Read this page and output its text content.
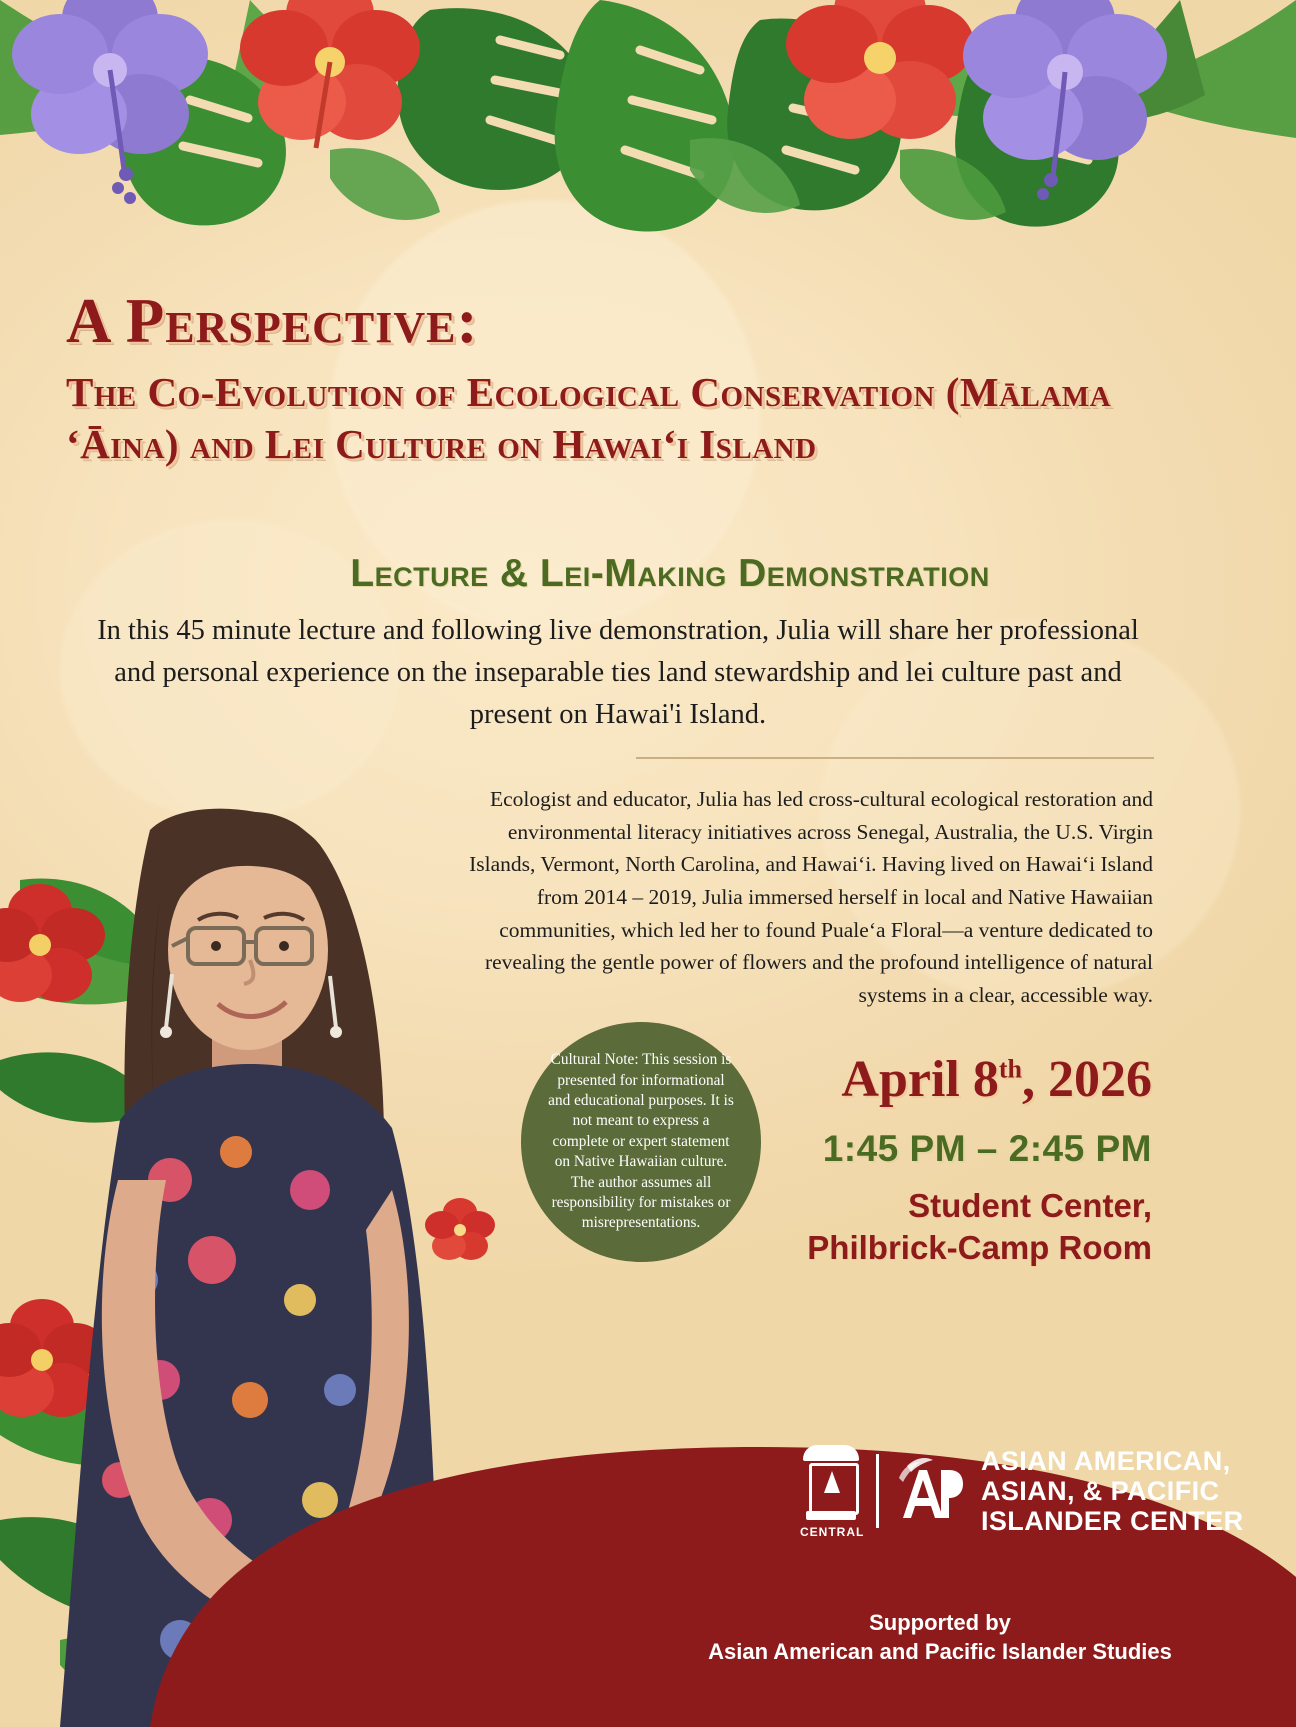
A Perspective:
The Co-Evolution of Ecological Conservation (Mālama ʻĀina) and Lei Culture on Hawaiʻi Island
Lecture & Lei-Making Demonstration
In this 45 minute lecture and following live demonstration, Julia will share her professional and personal experience on the inseparable ties land stewardship and lei culture past and present on Hawai'i Island.
Ecologist and educator, Julia has led cross-cultural ecological restoration and environmental literacy initiatives across Senegal, Australia, the U.S. Virgin Islands, Vermont, North Carolina, and Hawaiʻi. Having lived on Hawaiʻi Island from 2014 – 2019, Julia immersed herself in local and Native Hawaiian communities, which led her to found Pualeʻa Floral—a venture dedicated to revealing the gentle power of flowers and the profound intelligence of natural systems in a clear, accessible way.
April 8th, 2026
1:45 PM – 2:45 PM
Student Center,
Philbrick-Camp Room

Cultural Note: This session is presented for informational and educational purposes. It is not meant to express a complete or expert statement on Native Hawaiian culture. The author assumes all responsibility for mistakes or misrepresentations.

CENTRAL
ASIAN AMERICAN,
ASIAN, & PACIFIC
ISLANDER CENTER
Supported by
Asian American and Pacific Islander Studies
